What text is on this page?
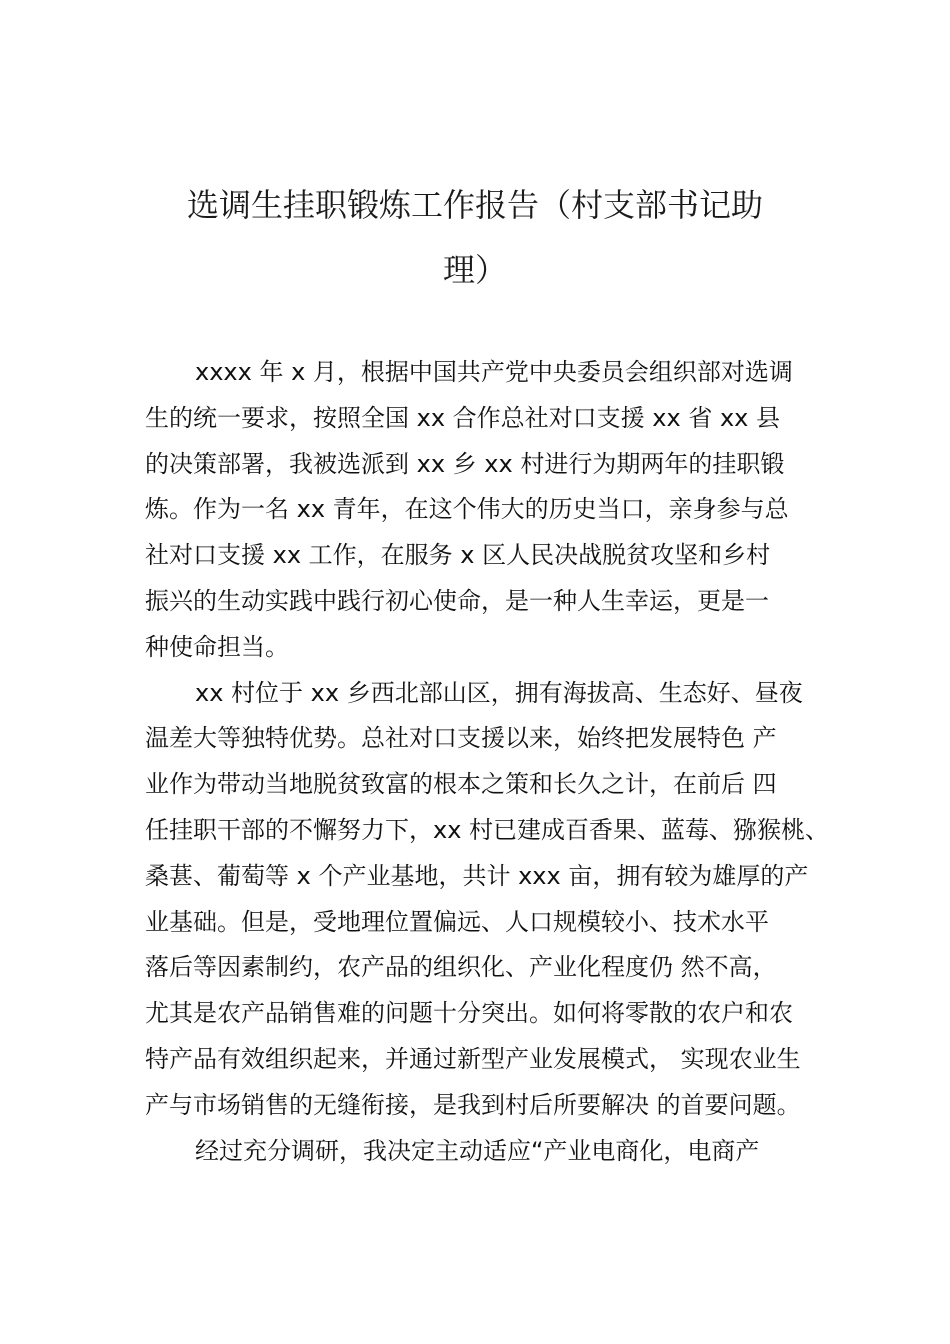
选调生挂职锻炼工作报告（村支部书记助
理）
xxxx 年 x 月，根据中国共产党中央委员会组织部对选调
生的统一要求，按照全国 xx 合作总社对口支援 xx 省 xx 县
的决策部署，我被选派到 xx 乡 xx 村进行为期两年的挂职锻
炼。作为一名 xx 青年，在这个伟大的历史当口，亲身参与总
社对口支援 xx 工作，在服务 x 区人民决战脱贫攻坚和乡村
振兴的生动实践中践行初心使命，是一种人生幸运，更是一
种使命担当。
xx 村位于 xx 乡西北部山区，拥有海拔高、生态好、昼夜
温差大等独特优势。总社对口支援以来，始终把发展特色 产
业作为带动当地脱贫致富的根本之策和长久之计，在前后 四
任挂职干部的不懈努力下，xx 村已建成百香果、蓝莓、猕猴桃、
桑葚、葡萄等 x 个产业基地，共计 xxx 亩，拥有较为雄厚的产
业基础。但是，受地理位置偏远、人口规模较小、技术水平
落后等因素制约，农产品的组织化、产业化程度仍 然不高，
尤其是农产品销售难的问题十分突出。如何将零散的农户和农
特产品有效组织起来，并通过新型产业发展模式， 实现农业生
产与市场销售的无缝衔接，是我到村后所要解决 的首要问题。
经过充分调研，我决定主动适应“产业电商化，电商产
